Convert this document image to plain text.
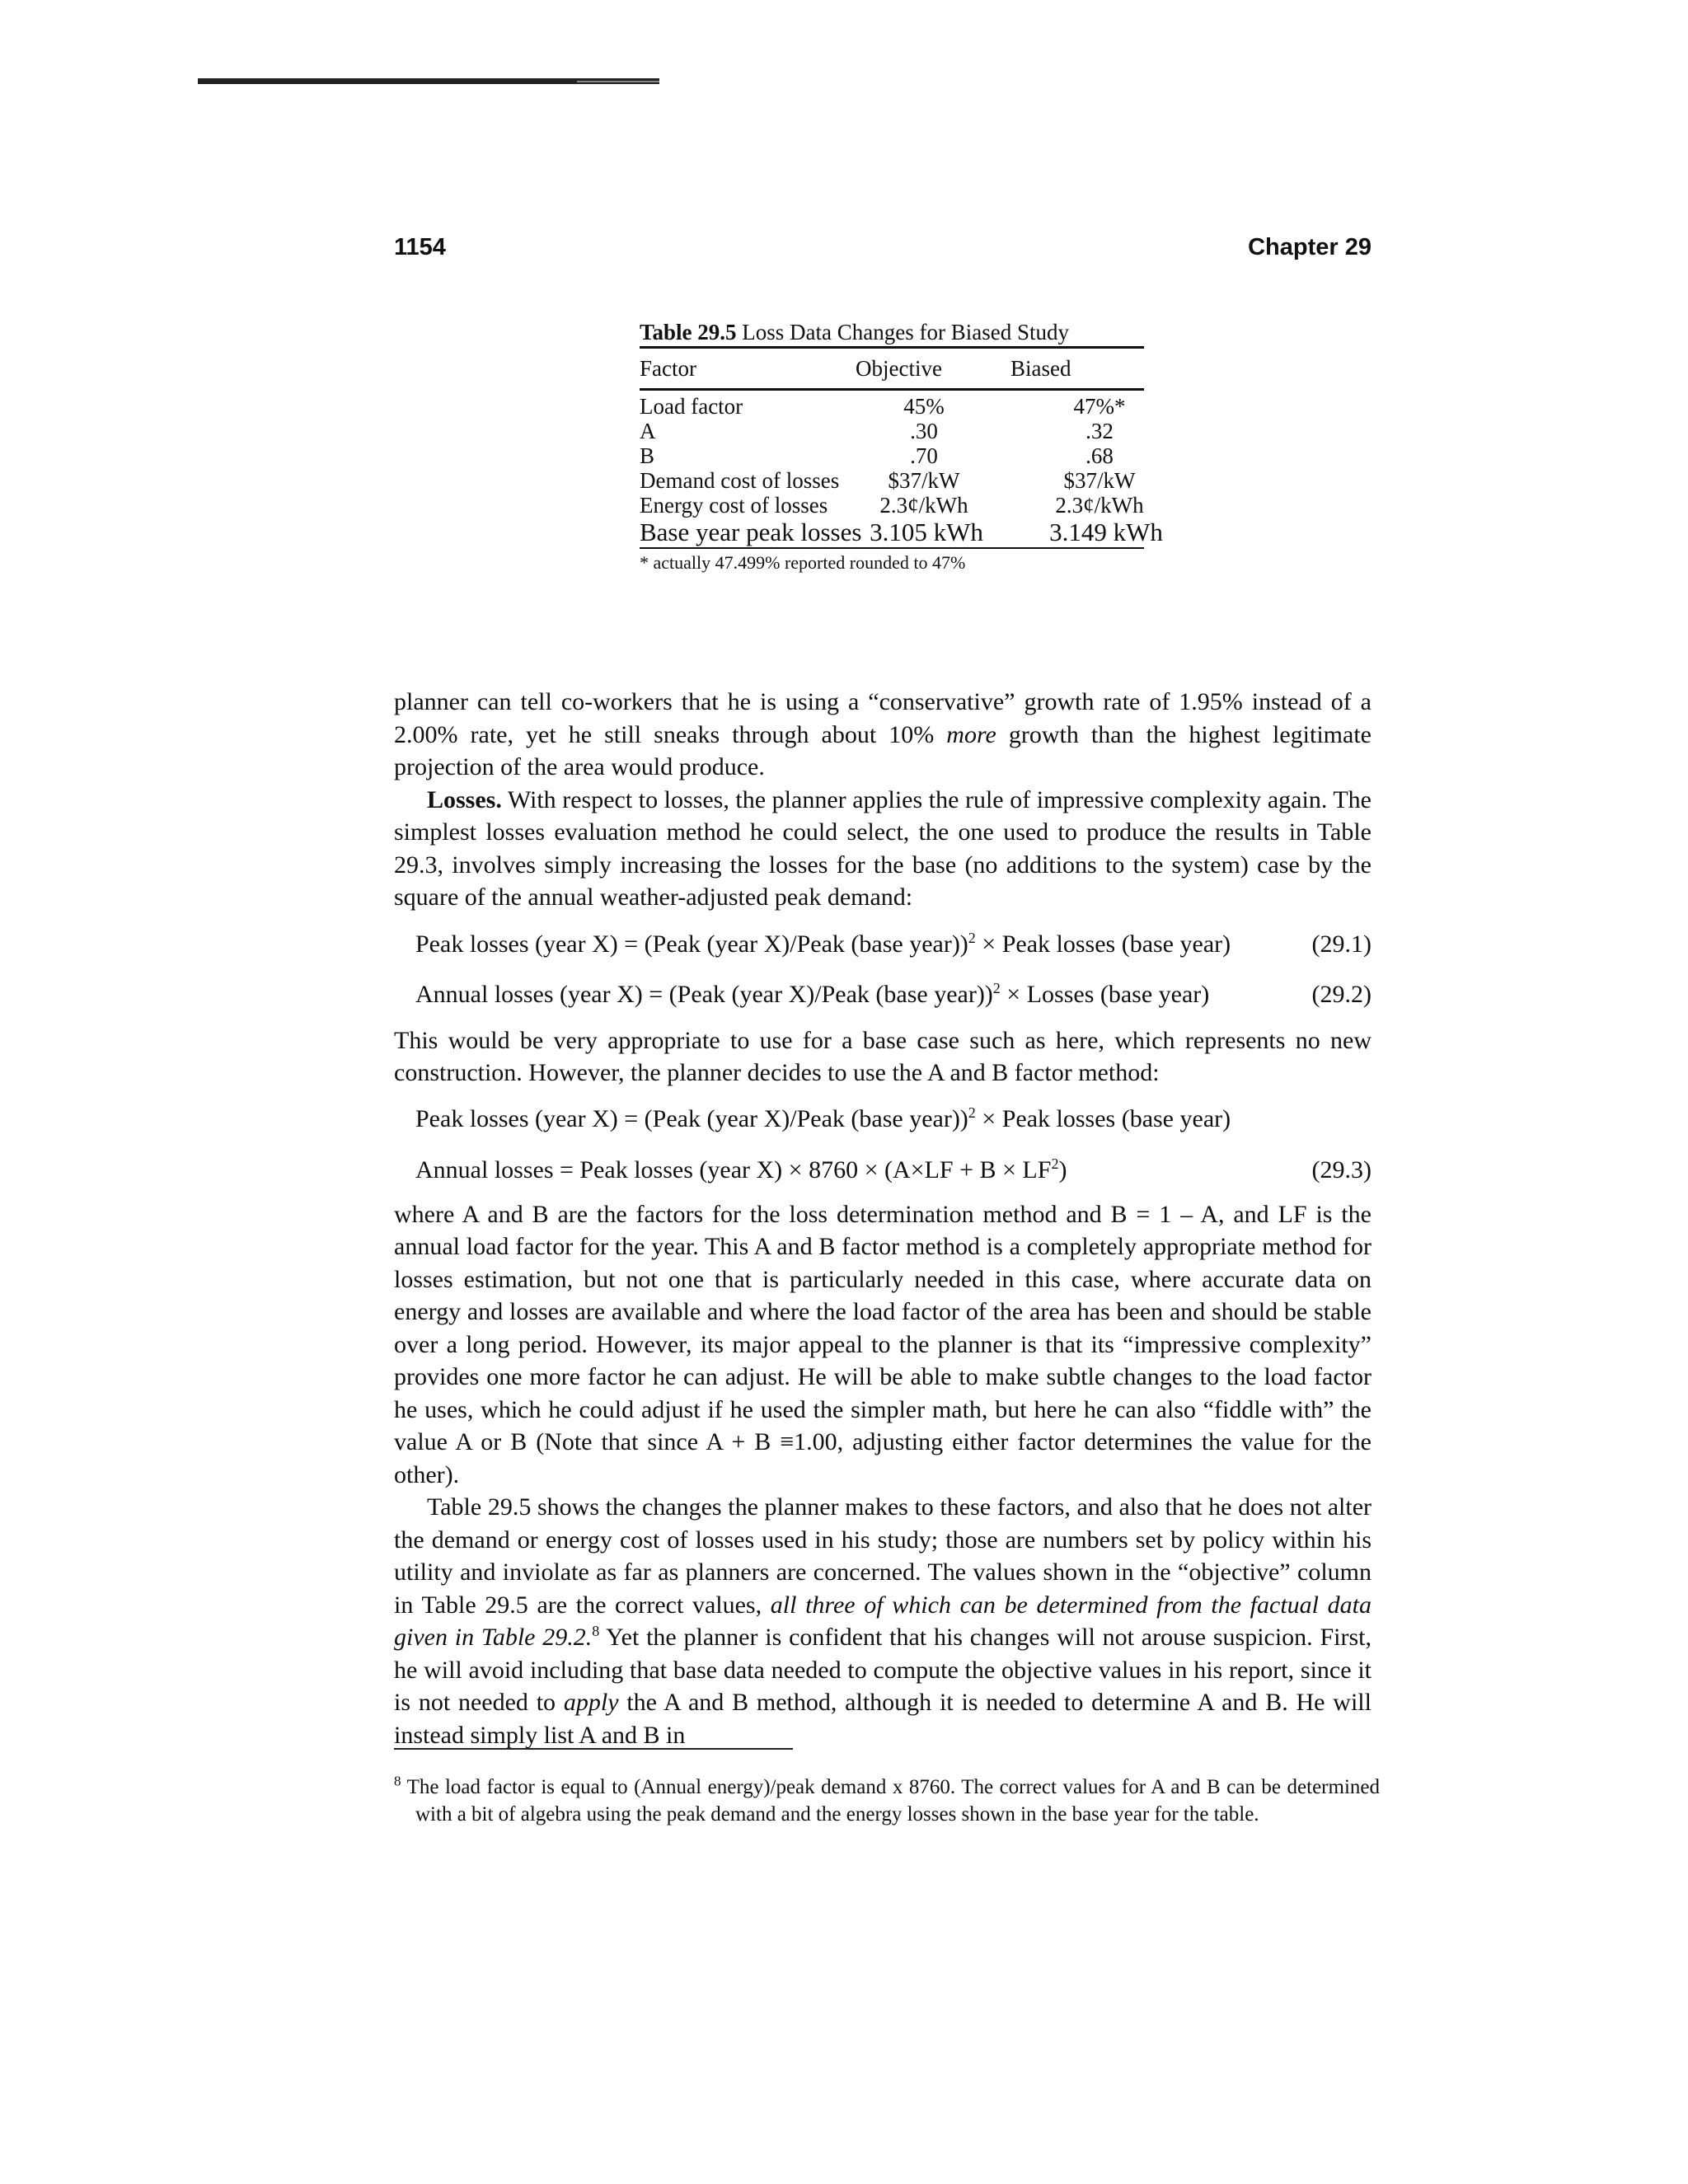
1154	Chapter 29
Table 29.5 Loss Data Changes for Biased Study
Factor	Objective	Biased
Load factor	45%	47%*
A	.30	.32
B	.70	.68
Demand cost of losses	$37/kW	$37/kW
Energy cost of losses	2.3¢/kWh	2.3¢/kWh
Base year peak losses 3.105 kWh	3.149 kWh
* actually 47.499% reported rounded to 47%

planner can tell co-workers that he is using a “conservative” growth rate of 1.95% instead of a 2.00% rate, yet he still sneaks through about 10% more growth than the highest legitimate projection of the area would produce.

Losses. With respect to losses, the planner applies the rule of impressive complexity again. The simplest losses evaluation method he could select, the one used to produce the results in Table 29.3, involves simply increasing the losses for the base (no additions to the system) case by the square of the annual weather-adjusted peak demand:

Peak losses (year X) = (Peak (year X)/Peak (base year))$^2$ × Peak losses (base year)	(29.1)
Annual losses (year X) = (Peak (year X)/Peak (base year))$^2$ × Losses (base year)	(29.2)

This would be very appropriate to use for a base case such as here, which represents no new construction. However, the planner decides to use the A and B factor method:

Peak losses (year X) = (Peak (year X)/Peak (base year))$^2$ × Peak losses (base year)
Annual losses = Peak losses (year $X) \times 8760 \times (A\times LF + B \times LF^2)$	(29.3)

where A and B are the factors for the loss determination method and B = 1 – A, and LF is the annual load factor for the year. This A and B factor method is a completely appropriate method for losses estimation, but not one that is particularly needed in this case, where accurate data on energy and losses are available and where the load factor of the area has been and should be stable over a long period. However, its major appeal to the planner is that its “impressive complexity” provides one more factor he can adjust. He will be able to make subtle changes to the load factor he uses, which he could adjust if he used the simpler math, but here he can also “fiddle with” the value A or B (Note that since A + B ≡1.00, adjusting either factor determines the value for the other).

Table 29.5 shows the changes the planner makes to these factors, and also that he does not alter the demand or energy cost of losses used in his study; those are numbers set by policy within his utility and inviolate as far as planners are concerned. The values shown in the “objective” column in Table 29.5 are the correct values, all three of which can be determined from the factual data given in Table 29.2.$^8$ Yet the planner is confident that his changes will not arouse suspicion. First, he will avoid including that base data needed to compute the objective values in his report, since it is not needed to apply the A and B method, although it is needed to determine A and B. He will instead simply list A and B in

$^8$ The load factor is equal to (Annual energy)/peak demand x 8760. The correct values for A and B can be determined with a bit of algebra using the peak demand and the energy losses shown in the base year for the table.
